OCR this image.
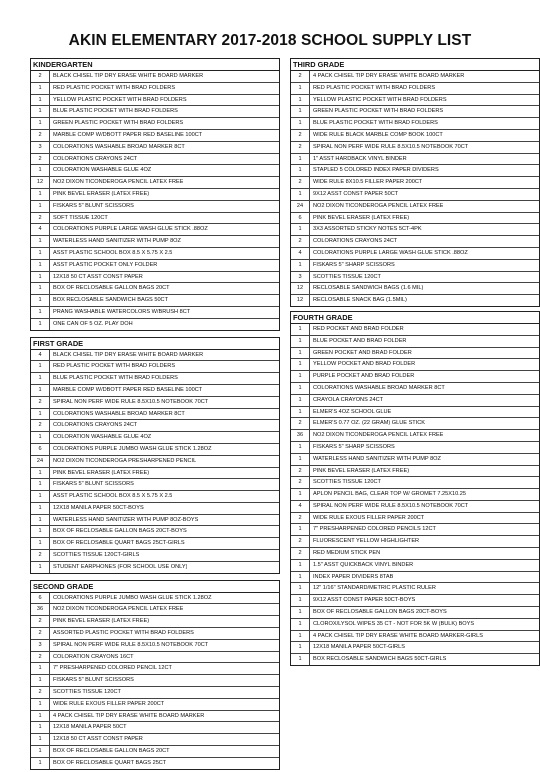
AKIN ELEMENTARY 2017-2018 SCHOOL SUPPLY LIST
KINDERGARTEN
2	BLACK CHISEL TIP DRY ERASE WHITE BOARD MARKER
1	RED PLASTIC POCKET WITH BRAD FOLDERS
1	YELLOW PLASTIC POCKET WITH BRAD FOLDERS
1	BLUE PLASTIC POCKET WITH BRAD FOLDERS
1	GREEN PLASTIC POCKET WITH BRAD FOLDERS
2	MARBLE COMP W/DBOTT PAPER RED BASELINE 100CT
3	COLORATIONS WASHABLE BROAD MARKER 8CT
2	COLORATIONS CRAYONS 24CT
1	COLORATION WASHABLE GLUE 4OZ
12	NO2 DIXON TICONDEROGA PENCIL LATEX FREE
1	PINK BEVEL ERASER (LATEX FREE)
1	FISKARS 5" BLUNT SCISSORS
2	SOFT TISSUE 120CT
4	COLORATIONS PURPLE LARGE WASH GLUE STICK .88OZ
1	WATERLESS HAND SANITIZER WITH PUMP 8OZ
1	ASST PLASTIC SCHOOL BOX 8.5 X 5.75 X 2.5
1	ASST PLASTIC POCKET ONLY FOLDER
1	12X18 50 CT ASST CONST PAPER
1	BOX OF RECLOSABLE GALLON BAGS 20CT
1	BOX RECLOSABLE SANDWICH BAGS 50CT
1	PRANG WASHABLE WATERCOLORS W/BRUSH 8CT
1	ONE CAN OF 5 OZ. PLAY DOH
FIRST GRADE
4	BLACK CHISEL TIP DRY ERASE WHITE BOARD MARKER
1	RED PLASTIC POCKET WITH BRAD FOLDERS
1	BLUE PLASTIC POCKET WITH BRAD FOLDERS
1	MARBLE COMP W/DBOTT PAPER RED BASELINE 100CT
2	SPIRAL NON PERF WIDE RULE 8.5X10.5 NOTEBOOK 70CT
1	COLORATIONS WASHABLE BROAD MARKER 8CT
2	COLORATIONS CRAYONS 24CT
1	COLORATION WASHABLE GLUE 4OZ
6	COLORATIONS PURPLE JUMBO WASH GLUE STICK 1.28OZ
24	NO2 DIXON TICONDEROGA PRESHARPENED PENCIL
1	PINK BEVEL ERASER (LATEX FREE)
1	FISKARS 5" BLUNT SCISSORS
1	ASST PLASTIC SCHOOL BOX 8.5 X 5.75 X 2.5
1	12X18 MANILA PAPER 50CT-BOYS
1	WATERLESS HAND SANITIZER WITH PUMP 8OZ-BOYS
1	BOX OF RECLOSABLE GALLON BAGS 20CT-BOYS
1	BOX OF RECLOSABLE QUART BAGS 25CT-GIRLS
2	SCOTTIES TISSUE 120CT-GIRLS
1	STUDENT EARPHONES (FOR SCHOOL USE ONLY)
SECOND GRADE
6	COLORATIONS PURPLE JUMBO WASH GLUE STICK 1.28OZ
36	NO2 DIXON TICONDEROGA PENCIL LATEX FREE
2	PINK BEVEL ERASER (LATEX FREE)
2	ASSORTED PLASTIC POCKET WITH BRAD FOLDERS
3	SPIRAL NON PERF WIDE RULE 8.5X10.5 NOTEBOOK 70CT
2	COLORATION CRAYONS 16CT
1	7" PRESHARPENED COLORED PENCIL 12CT
1	FISKARS 5" BLUNT SCISSORS
2	SCOTTIES TISSUE 120CT
1	WIDE RULE EXOUS FILLER PAPER 200CT
1	4 PACK CHISEL TIP DRY ERASE WHITE BOARD MARKER
1	12X18 MANILA PAPER 50CT
1	12X18 50 CT ASST CONST PAPER
1	BOX OF RECLOSABLE GALLON BAGS 20CT
1	BOX OF RECLOSABLE QUART BAGS 25CT
THIRD GRADE
2	4 PACK CHISEL TIP DRY ERASE WHITE BOARD MARKER
1	RED PLASTIC POCKET WITH BRAD FOLDERS
1	YELLOW PLASTIC POCKET WITH BRAD FOLDERS
1	GREEN PLASTIC POCKET WITH BRAD FOLDERS
1	BLUE PLASTIC POCKET WITH BRAD FOLDERS
2	WIDE RULE BLACK MARBLE COMP BOOK 100CT
2	SPIRAL NON PERF WIDE RULE 8.5X10.5 NOTEBOOK 70CT
1	1" ASST HARDBACK VINYL BINDER
1	STAPLED 5 COLORED INDEX PAPER DIVIDERS
2	WIDE RULE 8X10.5 FILLER PAPER 200CT
1	9X12 ASST CONST PAPER 50CT
24	NO2 DIXON TICONDEROGA PENCIL LATEX FREE
6	PINK BEVEL ERASER (LATEX FREE)
1	3X3 ASSORTED STICKY NOTES 5CT-4PK
2	COLORATIONS CRAYONS 24CT
4	COLORATIONS PURPLE LARGE WASH GLUE STICK .88OZ
1	FISKARS 5" SHARP SCISSORS
3	SCOTTIES TISSUE 120CT
12	RECLOSABLE SANDWICH BAGS (1.6 MIL)
12	RECLOSABLE SNACK BAG (1.5MIL)
FOURTH GRADE
1	RED POCKET AND BRAD FOLDER
1	BLUE POCKET AND BRAD FOLDER
1	GREEN POCKET AND BRAD FOLDER
1	YELLOW POCKET AND BRAD FOLDER
1	PURPLE POCKET AND BRAD FOLDER
1	COLORATIONS WASHABLE BROAD MARKER 8CT
1	CRAYOLA CRAYONS 24CT
1	ELMER'S 4OZ SCHOOL GLUE
2	ELMER'S 0.77 OZ. (22 GRAM) GLUE STICK
36	NO2 DIXON TICONDEROGA PENCIL LATEX FREE
1	FISKARS 5" SHARP SCISSORS
1	WATERLESS HAND SANITIZER WITH PUMP 8OZ
2	PINK BEVEL ERASER (LATEX FREE)
2	SCOTTIES TISSUE 120CT
1	APLON PENCIL BAG, CLEAR TOP W/ GROMET 7.25X10.25
4	SPIRAL NON PERF WIDE RULE 8.5X10.5 NOTEBOOK 70CT
2	WIDE RULE EXOUS FILLER PAPER 200CT
1	7" PRESHARPENED COLORED PENCILS 12CT
2	FLUORESCENT YELLOW HIGHLIGHTER
2	RED MEDIUM STICK PEN
1	1.5" ASST QUICKBACK VINYL BINDER
1	INDEX PAPER DIVIDERS 8TAB
1	12" 1/16" STANDARD/METRIC PLASTIC RULER
1	9X12 ASST CONST PAPER 50CT-BOYS
1	BOX OF RECLOSABLE GALLON BAGS 20CT-BOYS
1	CLOROX/LYSOL WIPES 35 CT - NOT FOR 5K W (BULK) BOYS
1	4 PACK CHISEL TIP DRY ERASE WHITE BOARD MARKER-GIRLS
1	12X18 MANILA PAPER 50CT-GIRLS
1	BOX RECLOSABLE SANDWICH BAGS 50CT-GIRLS
